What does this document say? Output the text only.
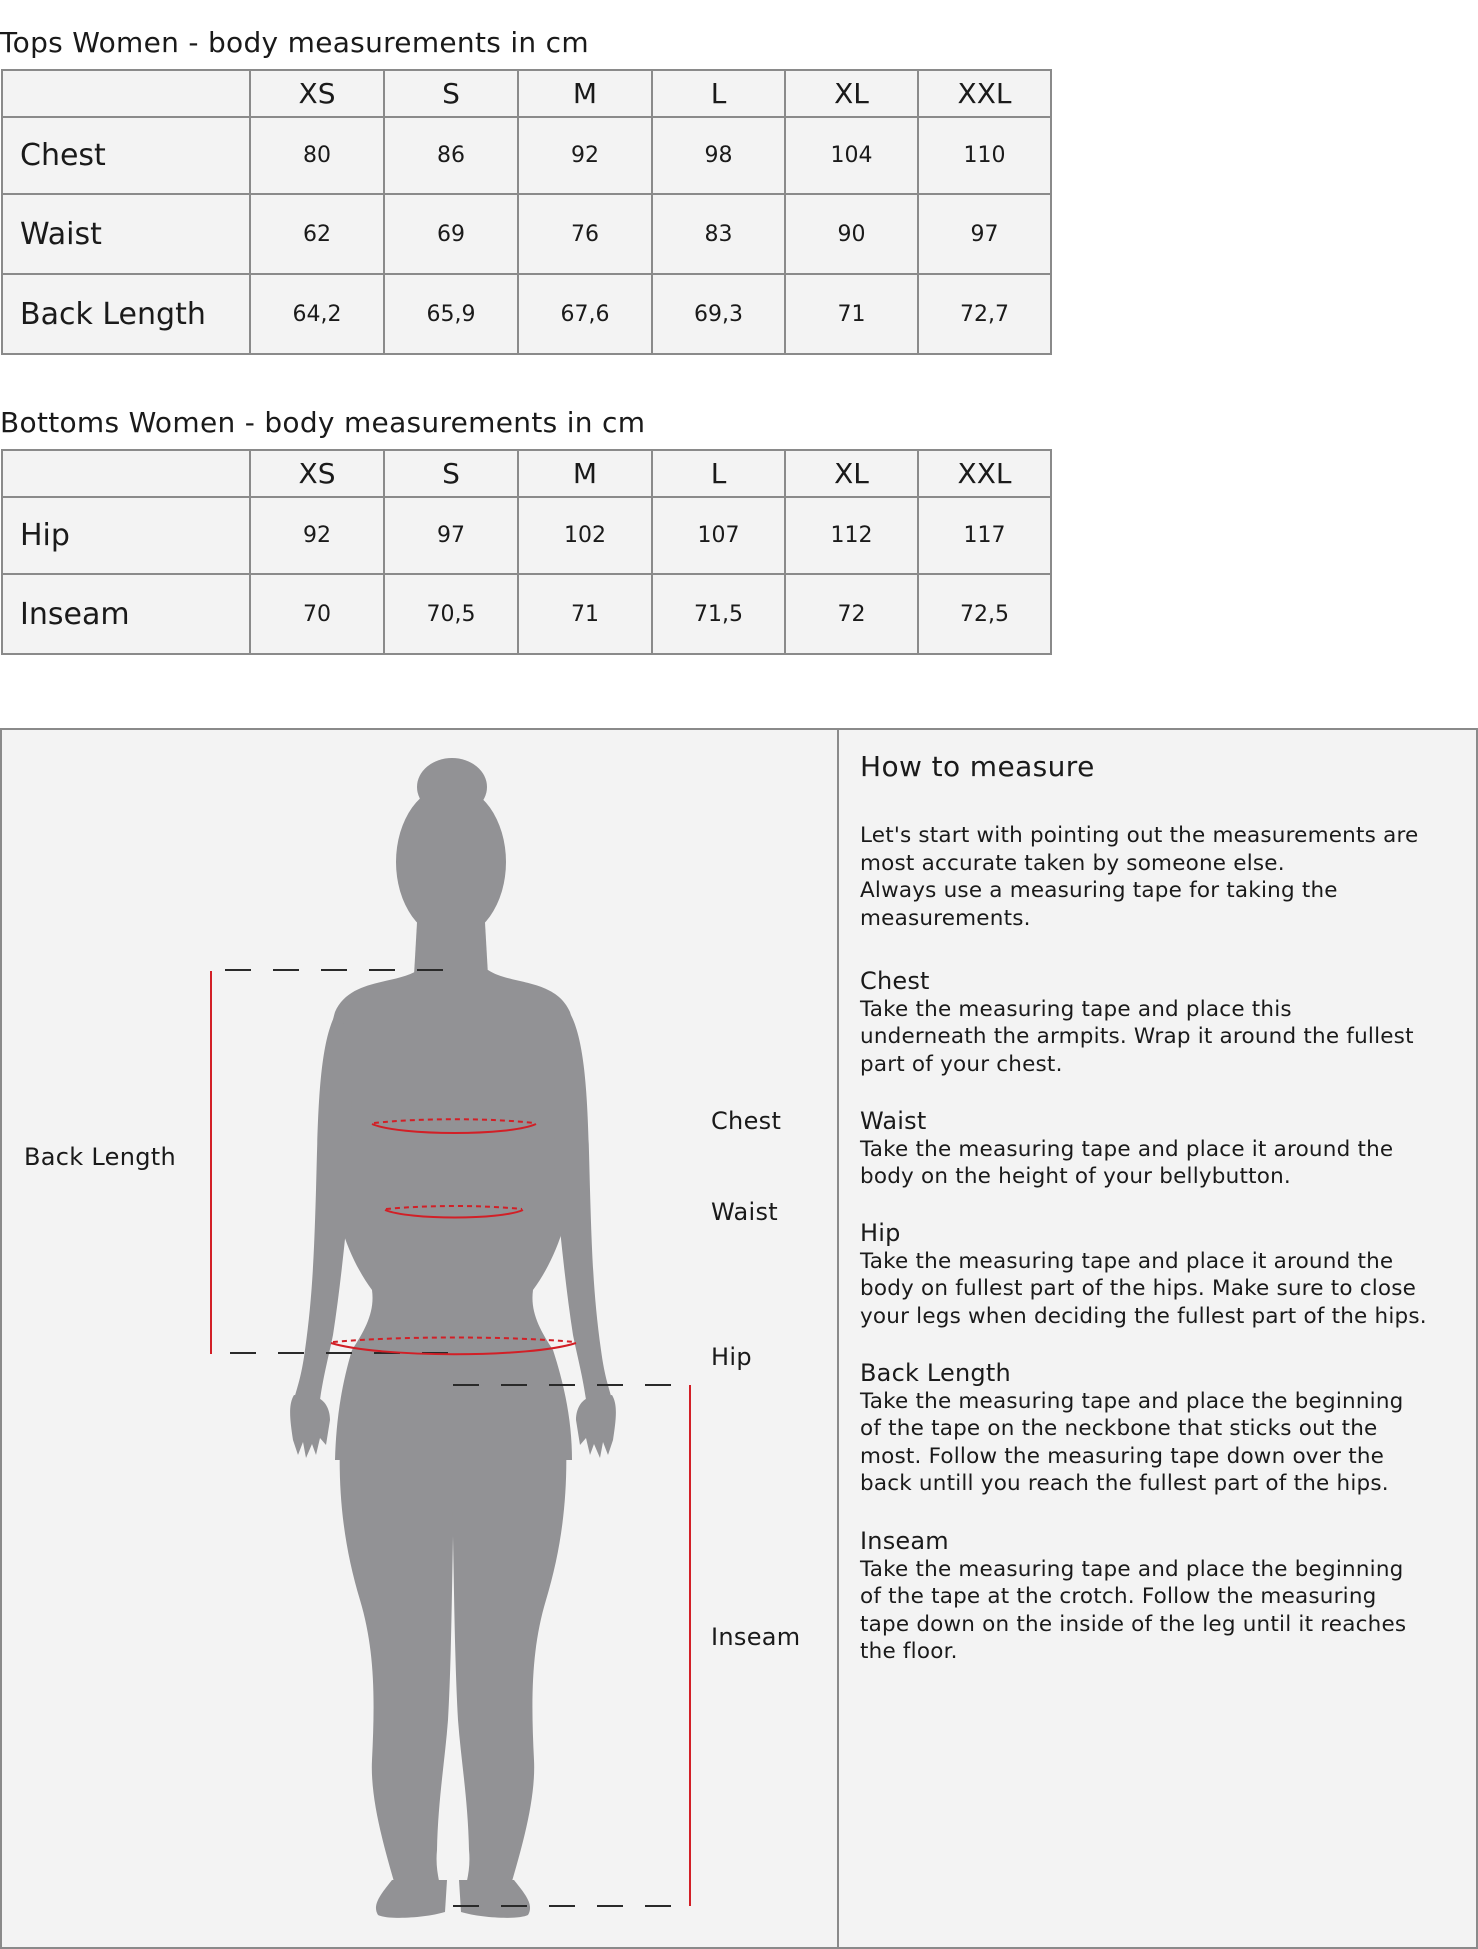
Tops Women - body measurements in cm
	XS	S	M	L	XL	XXL
Chest	80	86	92	98	104	110
Waist	62	69	76	83	90	97
Back Length	64,2	65,9	67,6	69,3	71	72,7
Bottoms Women - body measurements in cm
	XS	S	M	L	XL	XXL
Hip	92	97	102	107	112	117
Inseam	70	70,5	71	71,5	72	72,5
Back Length
Chest
Waist
Hip
Inseam
How to measure

Let's start with pointing out the measurements are

most accurate taken by someone else.

Always use a measuring tape for taking the

measurements.

Chest

Take the measuring tape and place this

underneath the armpits. Wrap it around the fullest

part of your chest.

Waist

Take the measuring tape and place it around the

body on the height of your bellybutton.

Hip

Take the measuring tape and place it around the

body on fullest part of the hips. Make sure to close

your legs when deciding the fullest part of the hips.

Back Length

Take the measuring tape and place the beginning

of the tape on the neckbone that sticks out the

most. Follow the measuring tape down over the

back untill you reach the fullest part of the hips.

Inseam

Take the measuring tape and place the beginning

of the tape at the crotch. Follow the measuring

tape down on the inside of the leg until it reaches

the floor.
